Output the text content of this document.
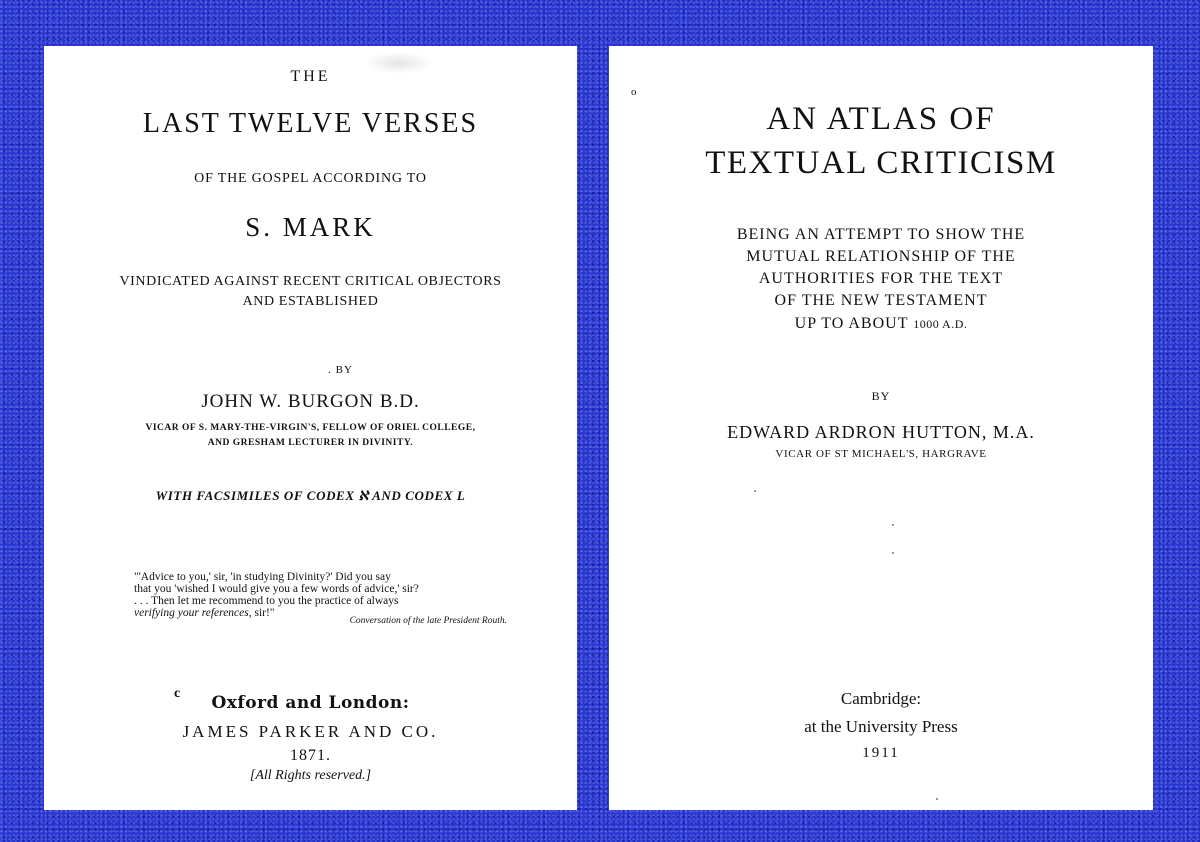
THE
LAST TWELVE VERSES
OF THE GOSPEL ACCORDING TO
S. MARK
VINDICATED AGAINST RECENT CRITICAL OBJECTORS
AND ESTABLISHED
. BY
JOHN W. BURGON B.D.
VICAR OF S. MARY-THE-VIRGIN'S, FELLOW OF ORIEL COLLEGE,
AND GRESHAM LECTURER IN DIVINITY.
WITH FACSIMILES OF CODEX ℵ AND CODEX L
"'Advice to you,' sir, 'in studying Divinity?' Did you say
that you 'wished I would give you a few words of advice,' sir?
. . . Then let me recommend to you the practice of always
verifying your references, sir!"
Conversation of the late President Routh.
c	Oxford and London:
JAMES PARKER AND CO.
1871.
[All Rights reserved.]
o
AN ATLAS OF
TEXTUAL CRITICISM
BEING AN ATTEMPT TO SHOW THE
MUTUAL RELATIONSHIP OF THE
AUTHORITIES FOR THE TEXT
OF THE NEW TESTAMENT
UP TO ABOUT 1000 A.D.
BY
EDWARD ARDRON HUTTON, M.A.
VICAR OF ST MICHAEL'S, HARGRAVE
Cambridge:
at the University Press
1911
